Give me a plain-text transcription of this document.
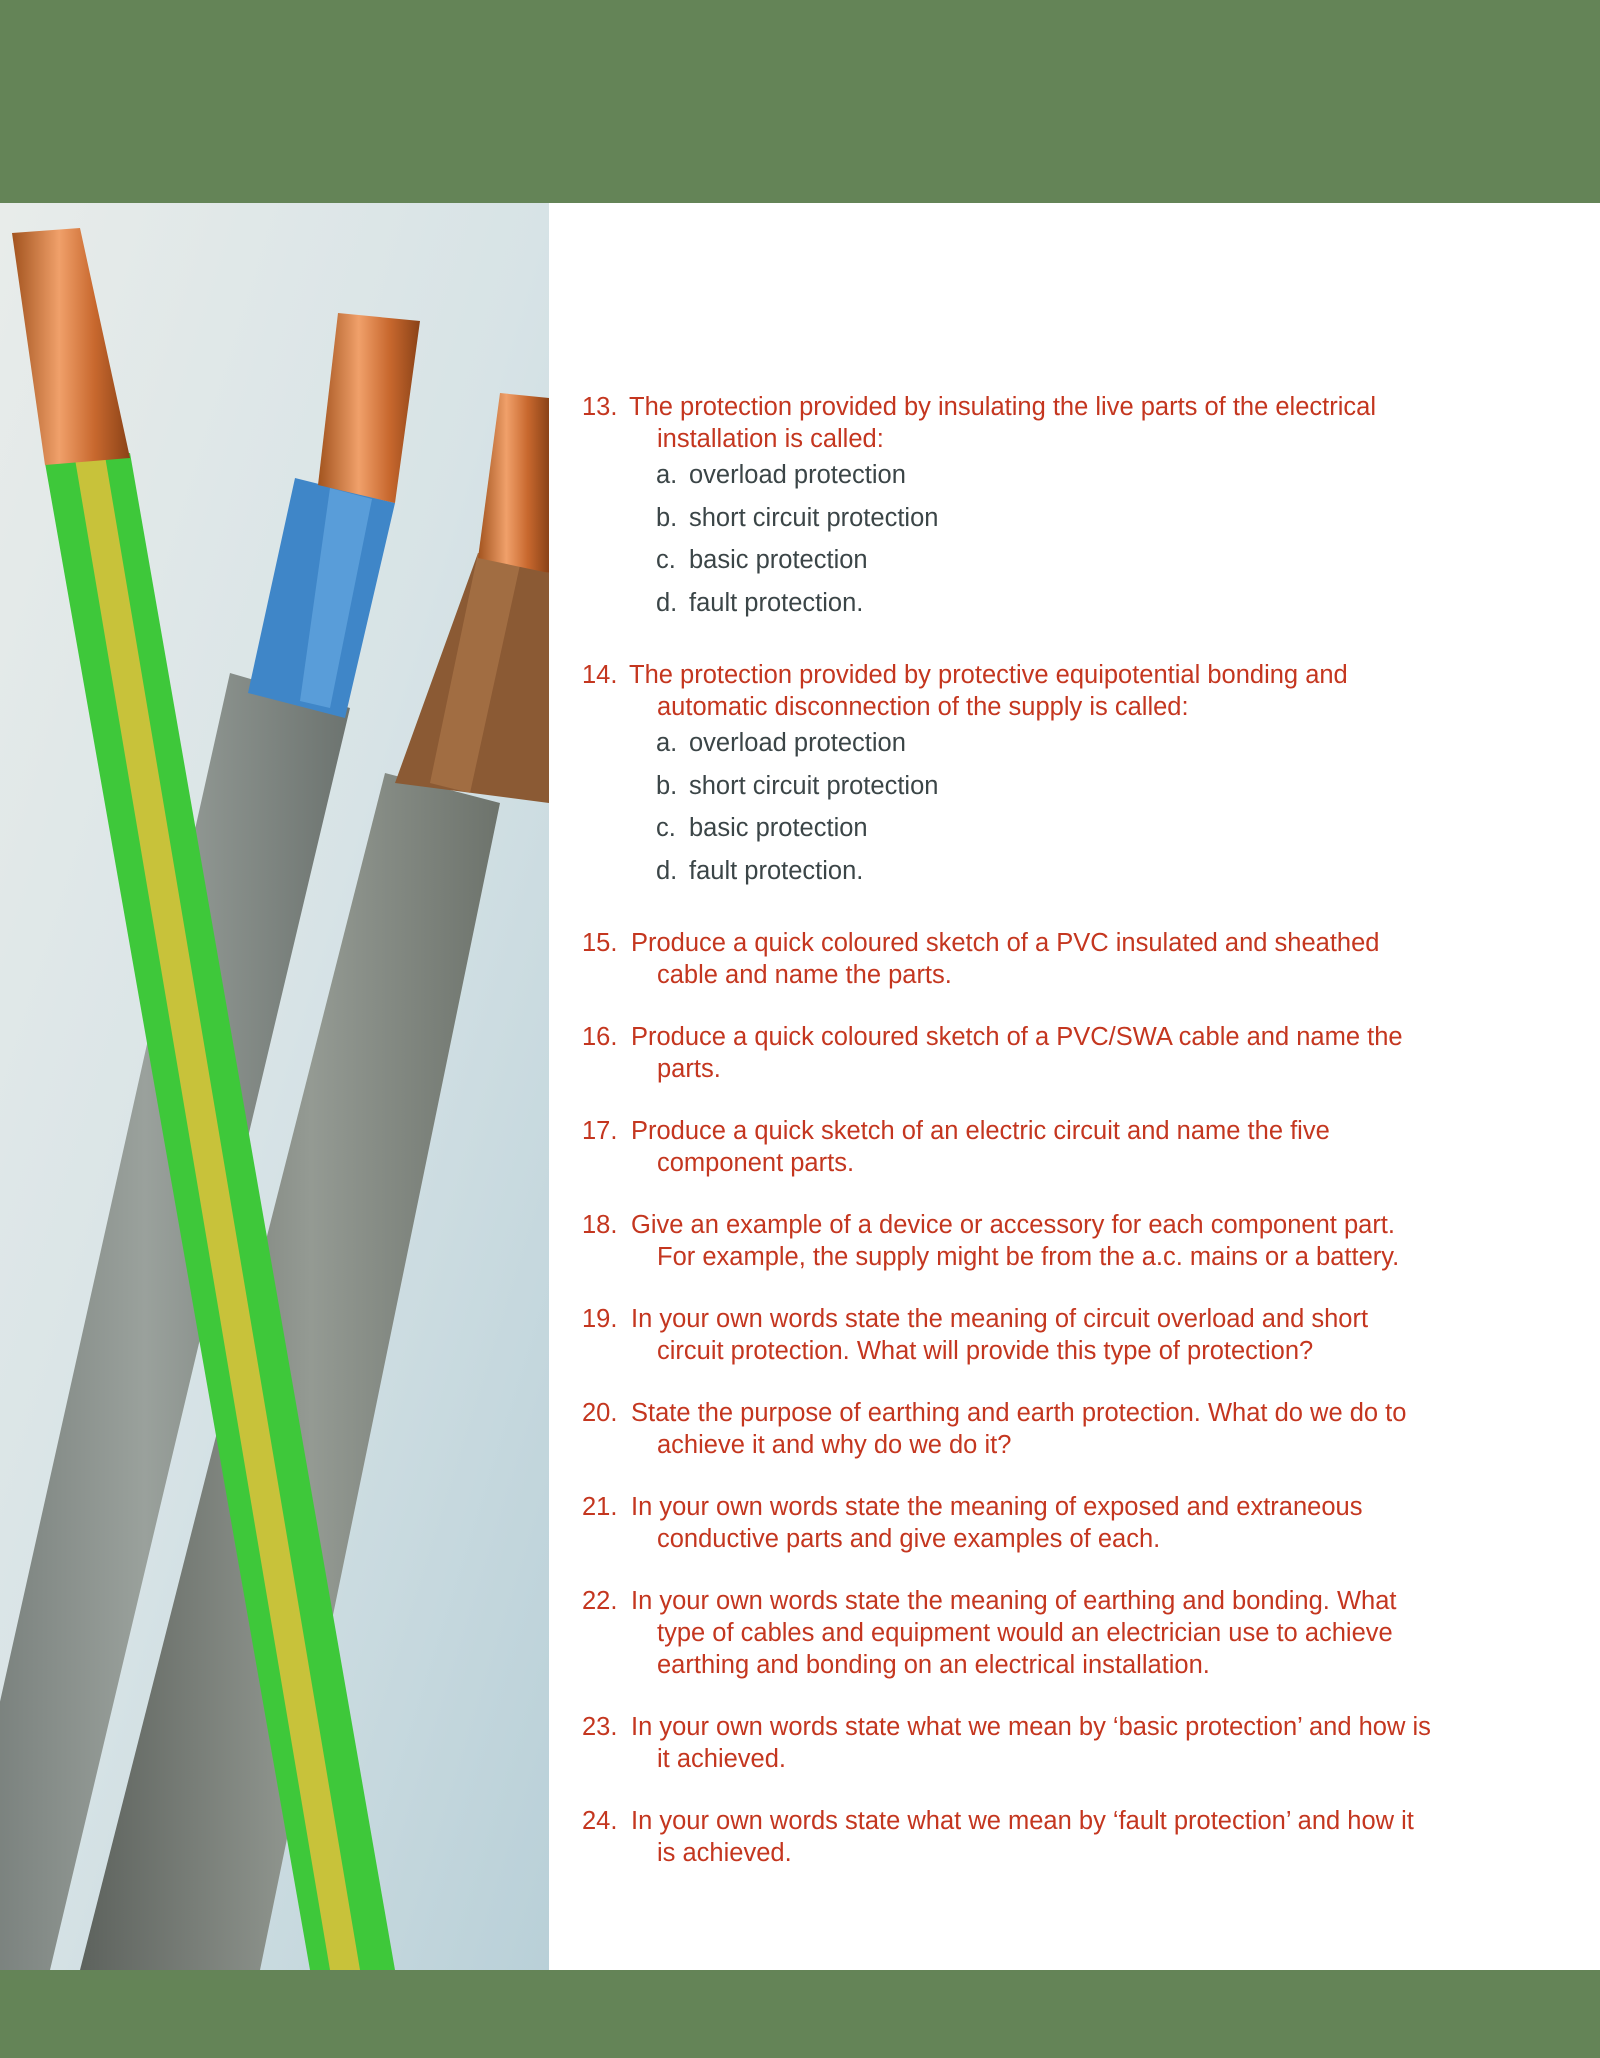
13. The protection provided by insulating the live parts of the electrical
installation is called:
a. overload protection
b. short circuit protection
c. basic protection
d. fault protection.
14. The protection provided by protective equipotential bonding and
automatic disconnection of the supply is called:
a. overload protection
b. short circuit protection
c. basic protection
d. fault protection.
15. Produce a quick coloured sketch of a PVC insulated and sheathed
cable and name the parts.
16. Produce a quick coloured sketch of a PVC/SWA cable and name the
parts.
17. Produce a quick sketch of an electric circuit and name the five
component parts.
18. Give an example of a device or accessory for each component part.
For example, the supply might be from the a.c. mains or a battery.
19. In your own words state the meaning of circuit overload and short
circuit protection. What will provide this type of protection?
20. State the purpose of earthing and earth protection. What do we do to
achieve it and why do we do it?
21. In your own words state the meaning of exposed and extraneous
conductive parts and give examples of each.
22. In your own words state the meaning of earthing and bonding. What
type of cables and equipment would an electrician use to achieve
earthing and bonding on an electrical installation.
23. In your own words state what we mean by ‘basic protection’ and how is
it achieved.
24. In your own words state what we mean by ‘fault protection’ and how it
is achieved.
